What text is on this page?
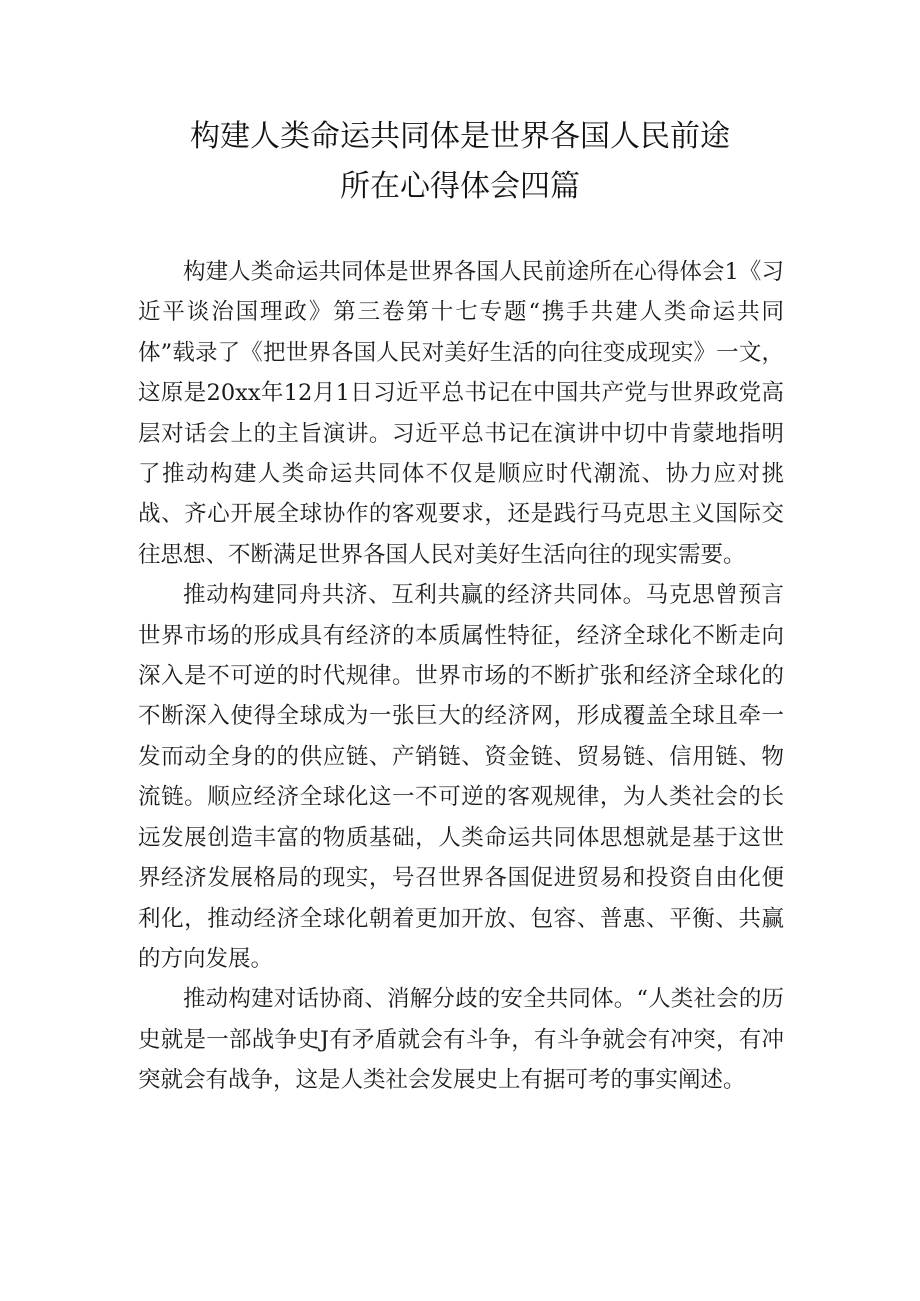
构建人类命运共同体是世界各国人民前途
所在心得体会四篇

构建人类命运共同体是世界各国人民前途所在心得体会1《习近平谈治国理政》第三卷第十七专题“携手共建人类命运共同体”载录了《把世界各国人民对美好生活的向往变成现实》一文，这原是20xx年12月1日习近平总书记在中国共产党与世界政党高层对话会上的主旨演讲。习近平总书记在演讲中切中肯蒙地指明了推动构建人类命运共同体不仅是顺应时代潮流、协力应对挑战、齐心开展全球协作的客观要求，还是践行马克思主义国际交往思想、不断满足世界各国人民对美好生活向往的现实需要。

推动构建同舟共济、互利共赢的经济共同体。马克思曾预言世界市场的形成具有经济的本质属性特征，经济全球化不断走向深入是不可逆的时代规律。世界市场的不断扩张和经济全球化的不断深入使得全球成为一张巨大的经济网，形成覆盖全球且牵一发而动全身的的供应链、产销链、资金链、贸易链、信用链、物流链。顺应经济全球化这一不可逆的客观规律，为人类社会的长远发展创造丰富的物质基础，人类命运共同体思想就是基于这世界经济发展格局的现实，号召世界各国促进贸易和投资自由化便利化，推动经济全球化朝着更加开放、包容、普惠、平衡、共赢的方向发展。

推动构建对话协商、消解分歧的安全共同体。“人类社会的历史就是一部战争史J有矛盾就会有斗争，有斗争就会有冲突，有冲突就会有战争，这是人类社会发展史上有据可考的事实阐述。
